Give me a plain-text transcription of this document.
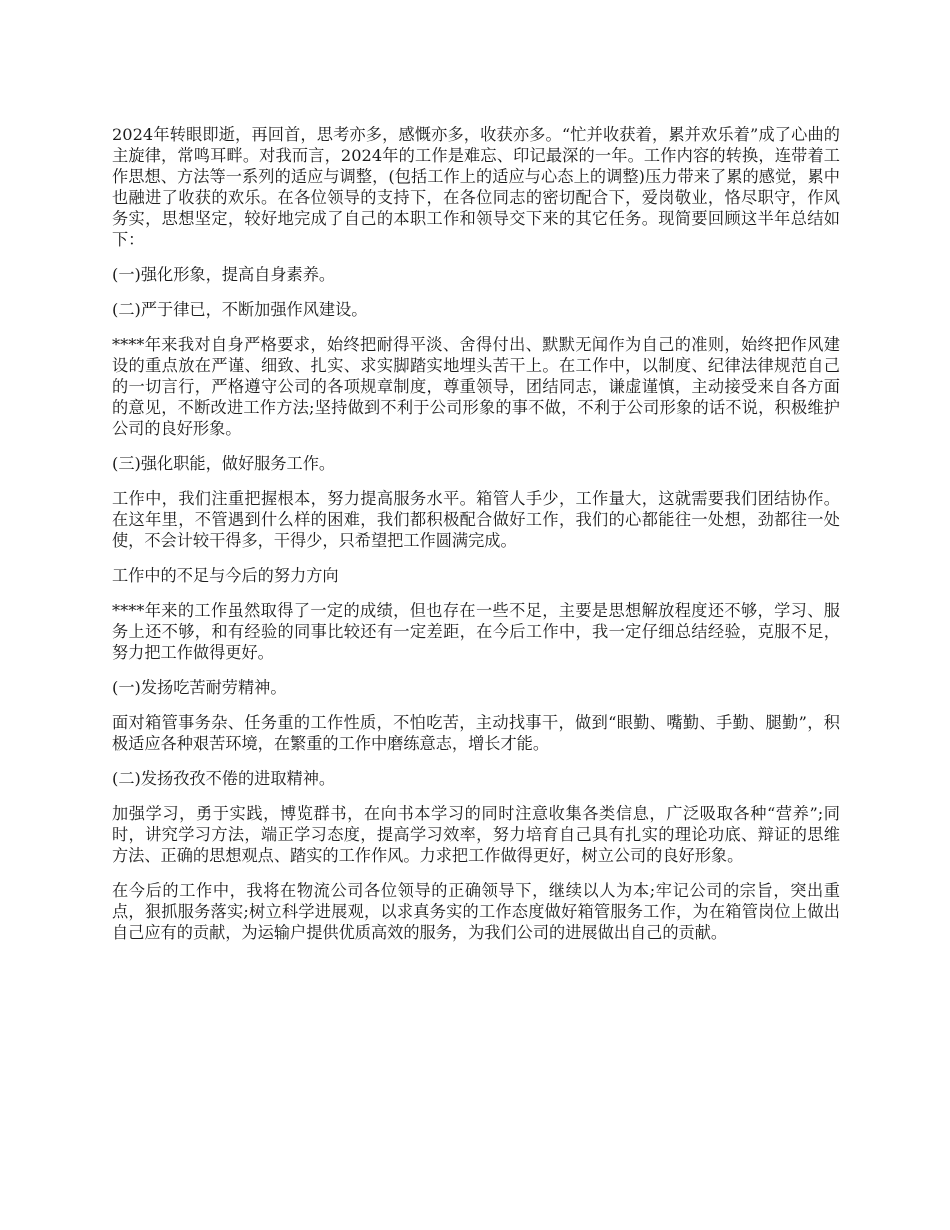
2024年转眼即逝，再回首，思考亦多，感慨亦多，收获亦多。“忙并收获着，累并欢乐着”成了心曲的主旋律，常鸣耳畔。对我而言，2024年的工作是难忘、印记最深的一年。工作内容的转换，连带着工作思想、方法等一系列的适应与调整，(包括工作上的适应与心态上的调整)压力带来了累的感觉，累中也融进了收获的欢乐。在各位领导的支持下，在各位同志的密切配合下，爱岗敬业，恪尽职守，作风务实，思想坚定，较好地完成了自己的本职工作和领导交下来的其它任务。现简要回顾这半年总结如下：

(一)强化形象，提高自身素养。

(二)严于律已，不断加强作风建设。

****年来我对自身严格要求，始终把耐得平淡、舍得付出、默默无闻作为自己的准则，始终把作风建设的重点放在严谨、细致、扎实、求实脚踏实地埋头苦干上。在工作中，以制度、纪律法律规范自己的一切言行，严格遵守公司的各项规章制度，尊重领导，团结同志，谦虚谨慎，主动接受来自各方面的意见，不断改进工作方法;坚持做到不利于公司形象的事不做，不利于公司形象的话不说，积极维护公司的良好形象。

(三)强化职能，做好服务工作。

工作中，我们注重把握根本，努力提高服务水平。箱管人手少，工作量大，这就需要我们团结协作。在这年里，不管遇到什么样的困难，我们都积极配合做好工作，我们的心都能往一处想，劲都往一处使，不会计较干得多，干得少，只希望把工作圆满完成。

工作中的不足与今后的努力方向

****年来的工作虽然取得了一定的成绩，但也存在一些不足，主要是思想解放程度还不够，学习、服务上还不够，和有经验的同事比较还有一定差距，在今后工作中，我一定仔细总结经验，克服不足，努力把工作做得更好。

(一)发扬吃苦耐劳精神。

面对箱管事务杂、任务重的工作性质，不怕吃苦，主动找事干，做到“眼勤、嘴勤、手勤、腿勤”，积极适应各种艰苦环境，在繁重的工作中磨练意志，增长才能。

(二)发扬孜孜不倦的进取精神。

加强学习，勇于实践，博览群书，在向书本学习的同时注意收集各类信息，广泛吸取各种“营养”;同时，讲究学习方法，端正学习态度，提高学习效率，努力培育自己具有扎实的理论功底、辩证的思维方法、正确的思想观点、踏实的工作作风。力求把工作做得更好，树立公司的良好形象。

在今后的工作中，我将在物流公司各位领导的正确领导下，继续以人为本;牢记公司的宗旨，突出重点，狠抓服务落实;树立科学进展观，以求真务实的工作态度做好箱管服务工作，为在箱管岗位上做出自己应有的贡献，为运输户提供优质高效的服务，为我们公司的进展做出自己的贡献。
